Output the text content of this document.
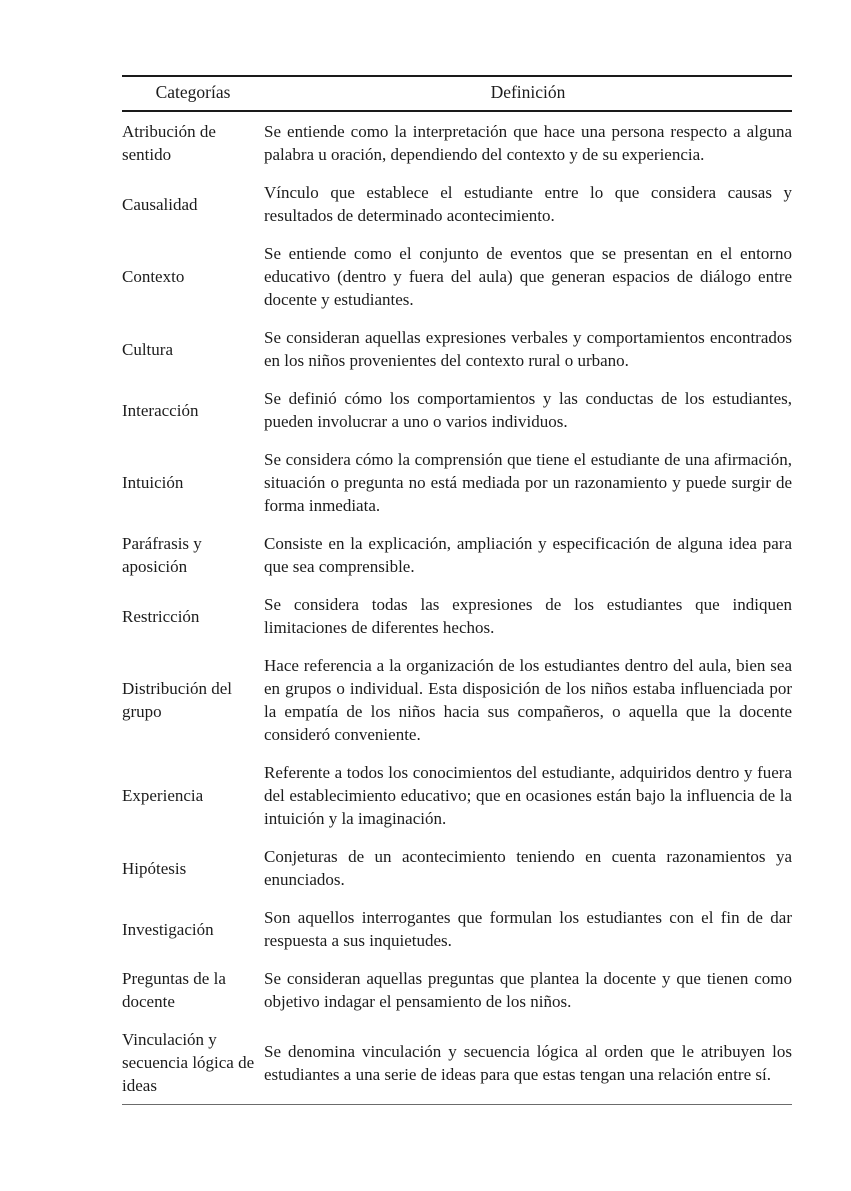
Categorías	Definición
Atribución de sentido	Se entiende como la interpretación que hace una persona respecto a alguna palabra u oración, dependiendo del contexto y de su experiencia.
Causalidad	Vínculo que establece el estudiante entre lo que considera causas y resultados de determinado acontecimiento.
Contexto	Se entiende como el conjunto de eventos que se presentan en el entorno educativo (dentro y fuera del aula) que generan espacios de diálogo entre docente y estudiantes.
Cultura	Se consideran aquellas expresiones verbales y comportamientos encontrados en los niños provenientes del contexto rural o urbano.
Interacción	Se definió cómo los comportamientos y las conductas de los estudiantes, pueden involucrar a uno o varios individuos.
Intuición	Se considera cómo la comprensión que tiene el estudiante de una afirmación, situación o pregunta no está mediada por un razonamiento y puede surgir de forma inmediata.
Paráfrasis y aposición	Consiste en la explicación, ampliación y especificación de alguna idea para que sea comprensible.
Restricción	Se considera todas las expresiones de los estudiantes que indiquen limitaciones de diferentes hechos.
Distribución del grupo	Hace referencia a la organización de los estudiantes dentro del aula, bien sea en grupos o individual. Esta disposición de los niños estaba influenciada por la empatía de los niños hacia sus compañeros, o aquella que la docente consideró conveniente.
Experiencia	Referente a todos los conocimientos del estudiante, adquiridos dentro y fuera del establecimiento educativo; que en ocasiones están bajo la influencia de la intuición y la imaginación.
Hipótesis	Conjeturas de un acontecimiento teniendo en cuenta razonamientos ya enunciados.
Investigación	Son aquellos interrogantes que formulan los estudiantes con el fin de dar respuesta a sus inquietudes.
Preguntas de la docente	Se consideran aquellas preguntas que plantea la docente y que tienen como objetivo indagar el pensamiento de los niños.
Vinculación y secuencia lógica de ideas	Se denomina vinculación y secuencia lógica al orden que le atribuyen los estudiantes a una serie de ideas para que estas tengan una relación entre sí.
